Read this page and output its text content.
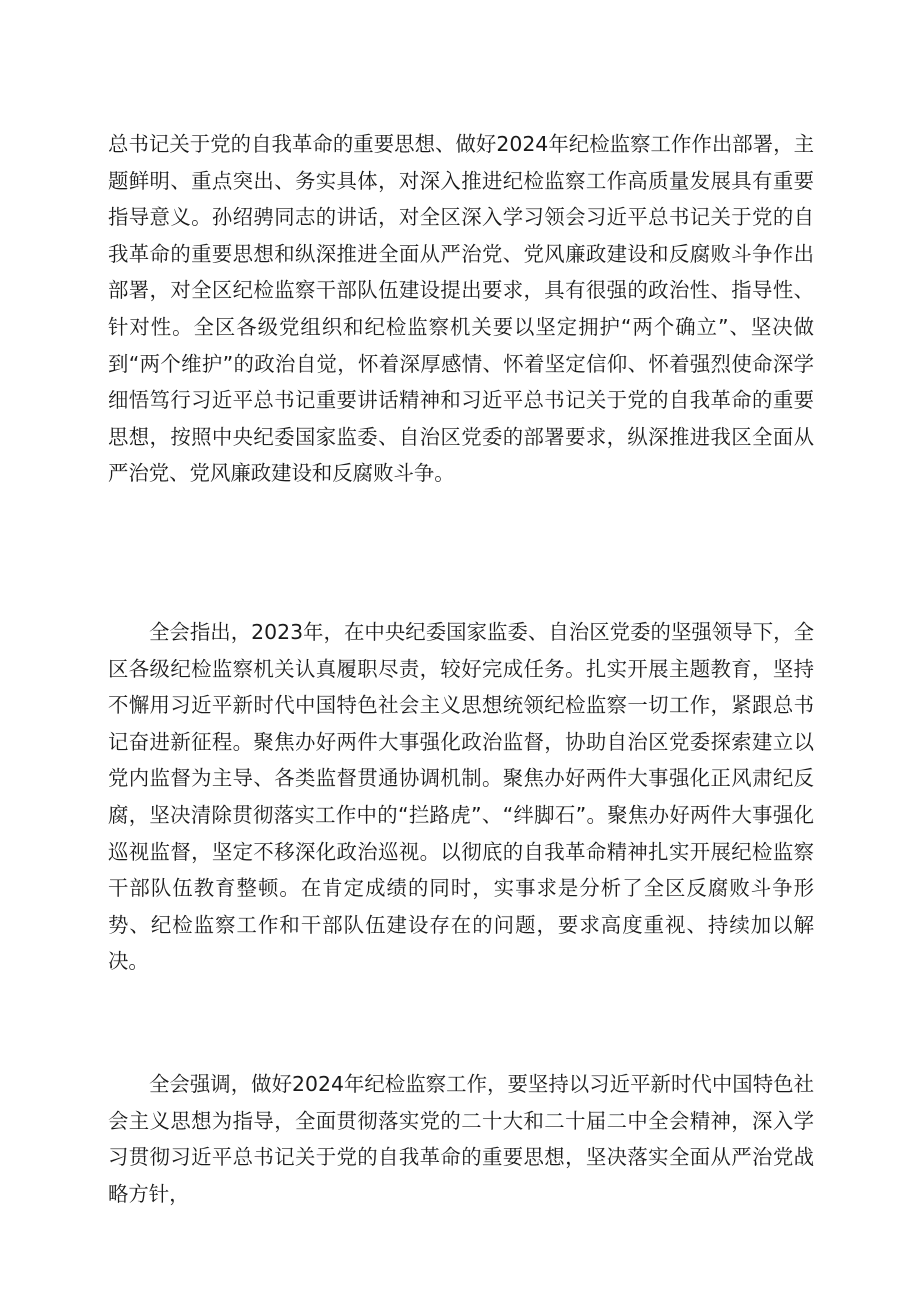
总书记关于党的自我革命的重要思想、做好2024年纪检监察工作作出部署，主题鲜明、重点突出、务实具体，对深入推进纪检监察工作高质量发展具有重要指导意义。孙绍骋同志的讲话，对全区深入学习领会习近平总书记关于党的自我革命的重要思想和纵深推进全面从严治党、党风廉政建设和反腐败斗争作出部署，对全区纪检监察干部队伍建设提出要求，具有很强的政治性、指导性、针对性。全区各级党组织和纪检监察机关要以坚定拥护“两个确立”、坚决做到“两个维护”的政治自觉，怀着深厚感情、怀着坚定信仰、怀着强烈使命深学细悟笃行习近平总书记重要讲话精神和习近平总书记关于党的自我革命的重要思想，按照中央纪委国家监委、自治区党委的部署要求，纵深推进我区全面从严治党、党风廉政建设和反腐败斗争。

全会指出，2023年，在中央纪委国家监委、自治区党委的坚强领导下，全区各级纪检监察机关认真履职尽责，较好完成任务。扎实开展主题教育，坚持不懈用习近平新时代中国特色社会主义思想统领纪检监察一切工作，紧跟总书记奋进新征程。聚焦办好两件大事强化政治监督，协助自治区党委探索建立以党内监督为主导、各类监督贯通协调机制。聚焦办好两件大事强化正风肃纪反腐，坚决清除贯彻落实工作中的“拦路虎”、“绊脚石”。聚焦办好两件大事强化巡视监督，坚定不移深化政治巡视。以彻底的自我革命精神扎实开展纪检监察干部队伍教育整顿。在肯定成绩的同时，实事求是分析了全区反腐败斗争形势、纪检监察工作和干部队伍建设存在的问题，要求高度重视、持续加以解决。

全会强调，做好2024年纪检监察工作，要坚持以习近平新时代中国特色社会主义思想为指导，全面贯彻落实党的二十大和二十届二中全会精神，深入学习贯彻习近平总书记关于党的自我革命的重要思想，坚决落实全面从严治党战略方针，
